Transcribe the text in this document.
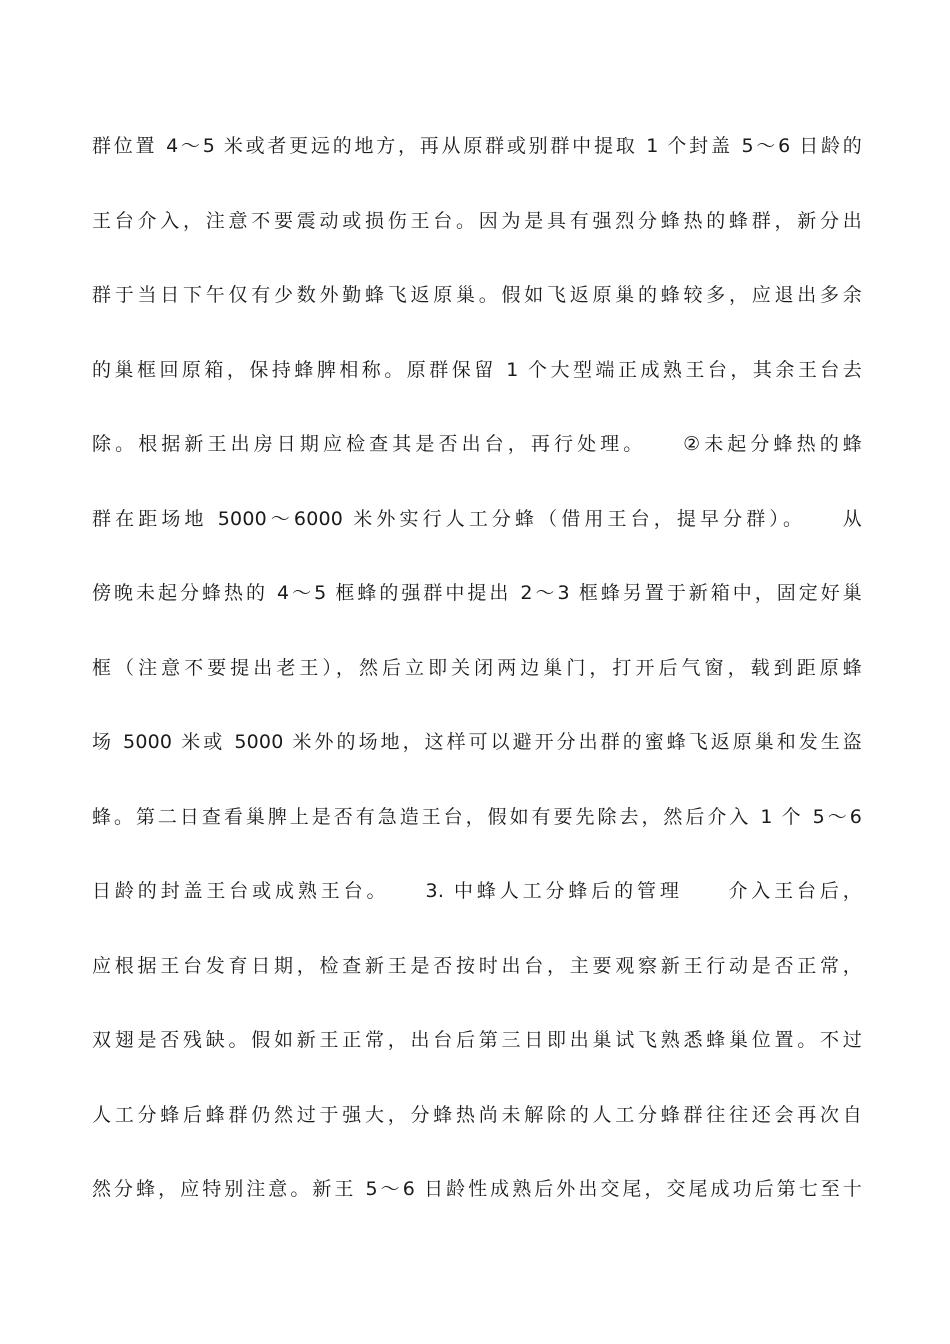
群位置 4～5 米或者更远的地方，再从原群或别群中提取 1 个封盖 5～6 日龄的
王台介入，注意不要震动或损伤王台。因为是具有强烈分蜂热的蜂群，新分出
群于当日下午仅有少数外勤蜂飞返原巢。假如飞返原巢的蜂较多，应退出多余
的巢框回原箱，保持蜂脾相称。原群保留 1 个大型端正成熟王台，其余王台去
除。根据新王出房日期应检查其是否出台，再行处理。　　②未起分蜂热的蜂
群在距场地 5000～6000 米外实行人工分蜂（借用王台，提早分群）。　　从
傍晚未起分蜂热的 4～5 框蜂的强群中提出 2～3 框蜂另置于新箱中，固定好巢
框（注意不要提出老王），然后立即关闭两边巢门，打开后气窗，载到距原蜂
场 5000 米或 5000 米外的场地，这样可以避开分出群的蜜蜂飞返原巢和发生盗
蜂。第二日查看巢脾上是否有急造王台，假如有要先除去，然后介入 1 个 5～6
日龄的封盖王台或成熟王台。　　3. 中蜂人工分蜂后的管理　　介入王台后，
应根据王台发育日期，检查新王是否按时出台，主要观察新王行动是否正常，
双翅是否残缺。假如新王正常，出台后第三日即出巢试飞熟悉蜂巢位置。不过
人工分蜂后蜂群仍然过于强大，分蜂热尚未解除的人工分蜂群往往还会再次自
然分蜂，应特别注意。新王 5～6 日龄性成熟后外出交尾，交尾成功后第七至十
